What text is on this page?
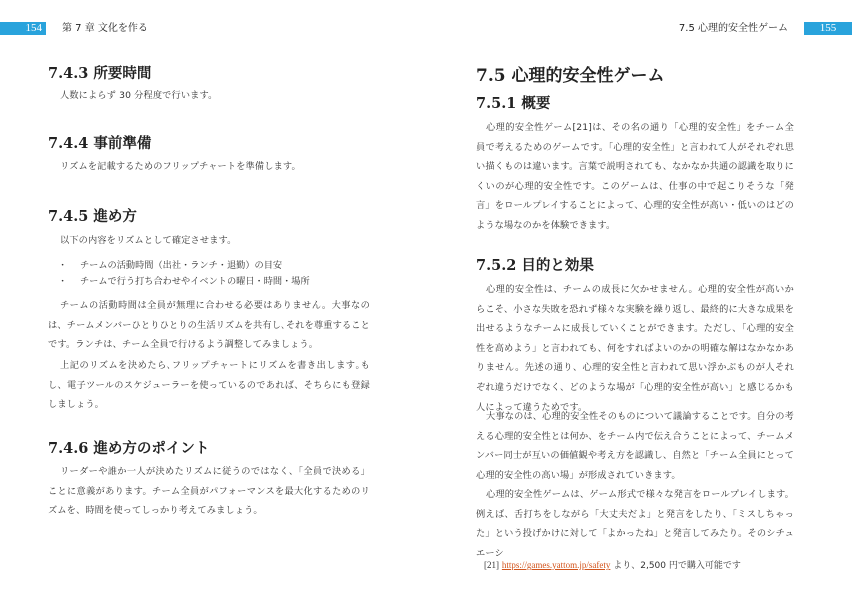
154	第 7 章 文化を作る	7.5 心理的安全性ゲーム	155
7.4.3 所要時間

人数によらず 30 分程度で行います。

7.4.4 事前準備

リズムを記載するためのフリップチャートを準備します。

7.4.5 進め方

以下の内容をリズムとして確定させます。

・ チームの活動時間（出社・ランチ・退勤）の目安
・ チームで行う打ち合わせやイベントの曜日・時間・場所

チームの活動時間は全員が無理に合わせる必要はありません。大事なのは、チームメンバーひとりひとりの生活リズムを共有し､それを尊重することです。ランチは、チーム全員で行けるよう調整してみましょう。

上記のリズムを決めたら､フリップチャートにリズムを書き出します｡もし、電子ツールのスケジューラーを使っているのであれば、そちらにも登録しましょう。

7.4.6 進め方のポイント

リーダーや誰か一人が決めたリズムに従うのではなく、「全員で決める」ことに意義があります。チーム全員がパフォーマンスを最大化するためのリズムを、時間を使ってしっかり考えてみましょう。

7.5 心理的安全性ゲーム
7.5.1 概要

心理的安全性ゲーム[21]は、その名の通り「心理的安全性」をチーム全員で考えるためのゲームです。「心理的安全性」と言われて人がそれぞれ思い描くものは違います。言葉で説明されても、なかなか共通の認識を取りにくいのが心理的安全性です。このゲームは、仕事の中で起こりそうな「発言」をロールプレイすることによって、心理的安全性が高い・低いのはどのような場なのかを体験できます。

7.5.2 目的と効果

心理的安全性は、チームの成長に欠かせません。心理的安全性が高いからこそ、小さな失敗を恐れず様々な実験を繰り返し、最終的に大きな成果を出せるようなチームに成長していくことができます。ただし、「心理的安全性を高めよう」と言われても、何をすればよいのかの明確な解はなかなかありません。先述の通り、心理的安全性と言われて思い浮かぶものが人それぞれ違うだけでなく、どのような場が「心理的安全性が高い」と感じるかも人によって違うためです。

大事なのは、心理的安全性そのものについて議論することです。自分の考える心理的安全性とは何か、をチーム内で伝え合うことによって、チームメンバー同士が互いの価値観や考え方を認識し、自然と「チーム全員にとって心理的安全性の高い場」が形成されていきます。

心理的安全性ゲームは、ゲーム形式で様々な発言をロールプレイします。例えば、舌打ちをしながら「大丈夫だよ」と発言をしたり、「ミスしちゃった」という投げかけに対して「よかったね」と発言してみたり。そのシチュエーシ

[21] https://games.yattom.jp/safety より、2,500 円で購入可能です
